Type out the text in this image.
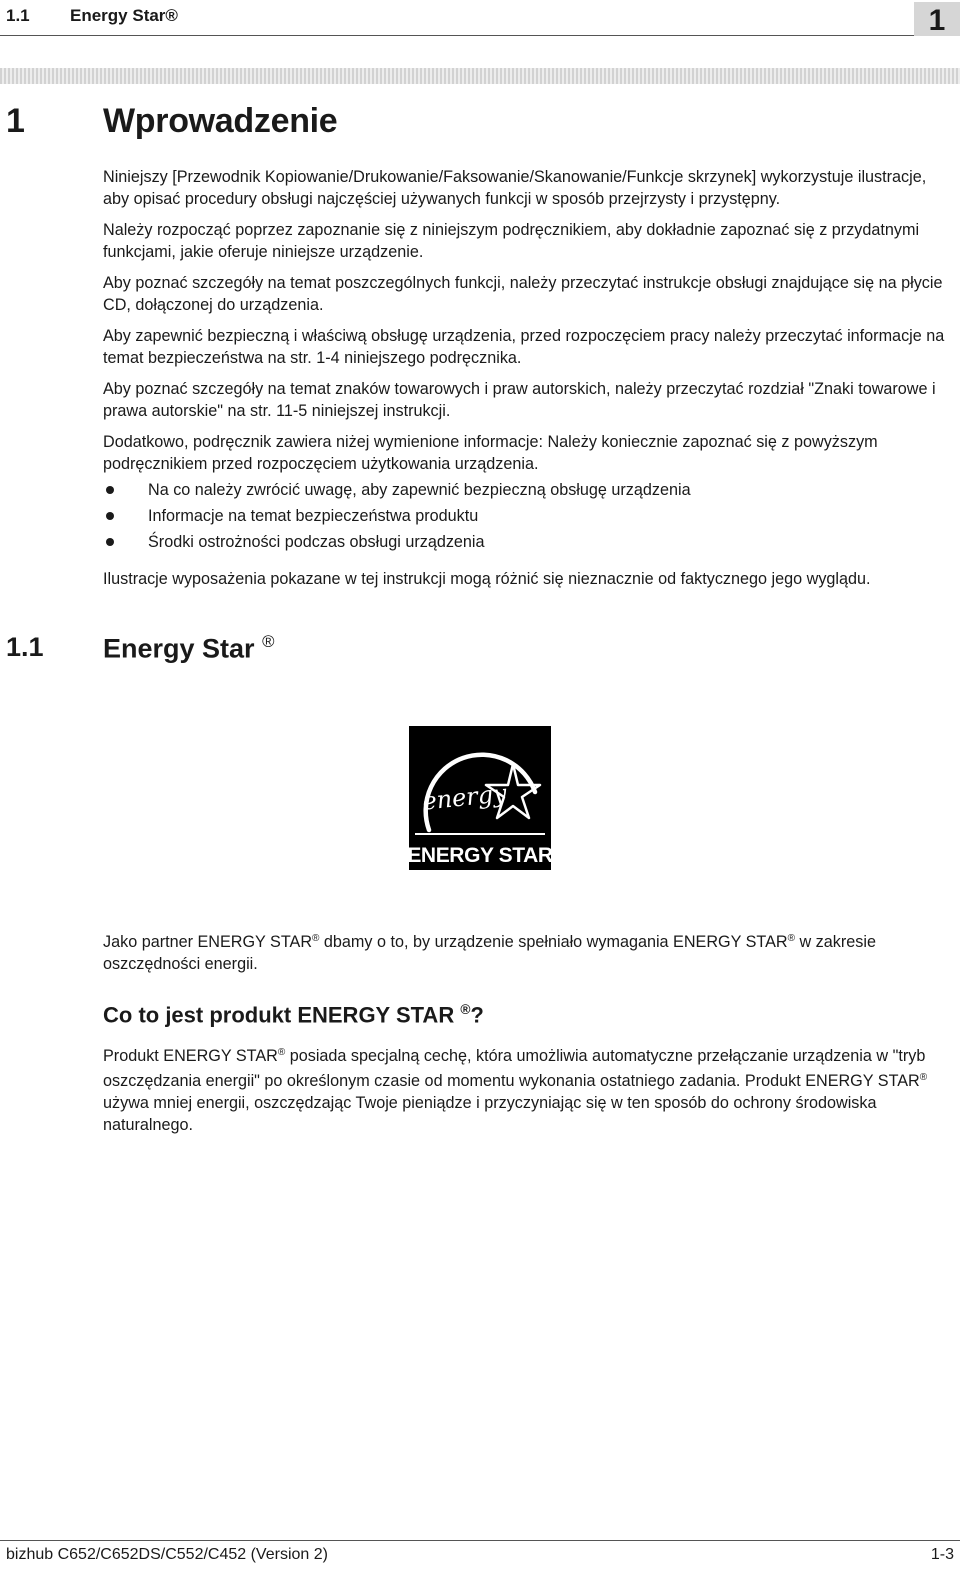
1.1 Energy Star®	1
1 Wprowadzenie

Niniejszy [Przewodnik Kopiowanie/Drukowanie/Faksowanie/Skanowanie/Funkcje skrzynek] wykorzystuje ilustracje, aby opisać procedury obsługi najczęściej używanych funkcji w sposób przejrzysty i przystępny.

Należy rozpocząć poprzez zapoznanie się z niniejszym podręcznikiem, aby dokładnie zapoznać się z przydatnymi funkcjami, jakie oferuje niniejsze urządzenie.

Aby poznać szczegóły na temat poszczególnych funkcji, należy przeczytać instrukcje obsługi znajdujące się na płycie CD, dołączonej do urządzenia.

Aby zapewnić bezpieczną i właściwą obsługę urządzenia, przed rozpoczęciem pracy należy przeczytać informacje na temat bezpieczeństwa na str. 1-4 niniejszego podręcznika.

Aby poznać szczegóły na temat znaków towarowych i praw autorskich, należy przeczytać rozdział "Znaki towarowe i prawa autorskie" na str. 11-5 niniejszej instrukcji.

Dodatkowo, podręcznik zawiera niżej wymienione informacje: Należy koniecznie zapoznać się z powyższym podręcznikiem przed rozpoczęciem użytkowania urządzenia.

Na co należy zwrócić uwagę, aby zapewnić bezpieczną obsługę urządzenia
Informacje na temat bezpieczeństwa produktu
Środki ostrożności podczas obsługi urządzenia

Ilustracje wyposażenia pokazane w tej instrukcji mogą różnić się nieznacznie od faktycznego jego wyglądu.

1.1 Energy Star ®
energy
ENERGY STAR

Jako partner ENERGY STAR® dbamy o to, by urządzenie spełniało wymagania ENERGY STAR® w zakresie oszczędności energii.

Co to jest produkt ENERGY STAR ®?
Produkt ENERGY STAR® posiada specjalną cechę, która umożliwia automatyczne przełączanie urządzenia w "tryb oszczędzania energii" po określonym czasie od momentu wykonania ostatniego zadania. Produkt ENERGY STAR® używa mniej energii, oszczędzając Twoje pieniądze i przyczyniając się w ten sposób do ochrony środowiska naturalnego.
bizhub C652/C652DS/C552/C452 (Version 2)	1-3
